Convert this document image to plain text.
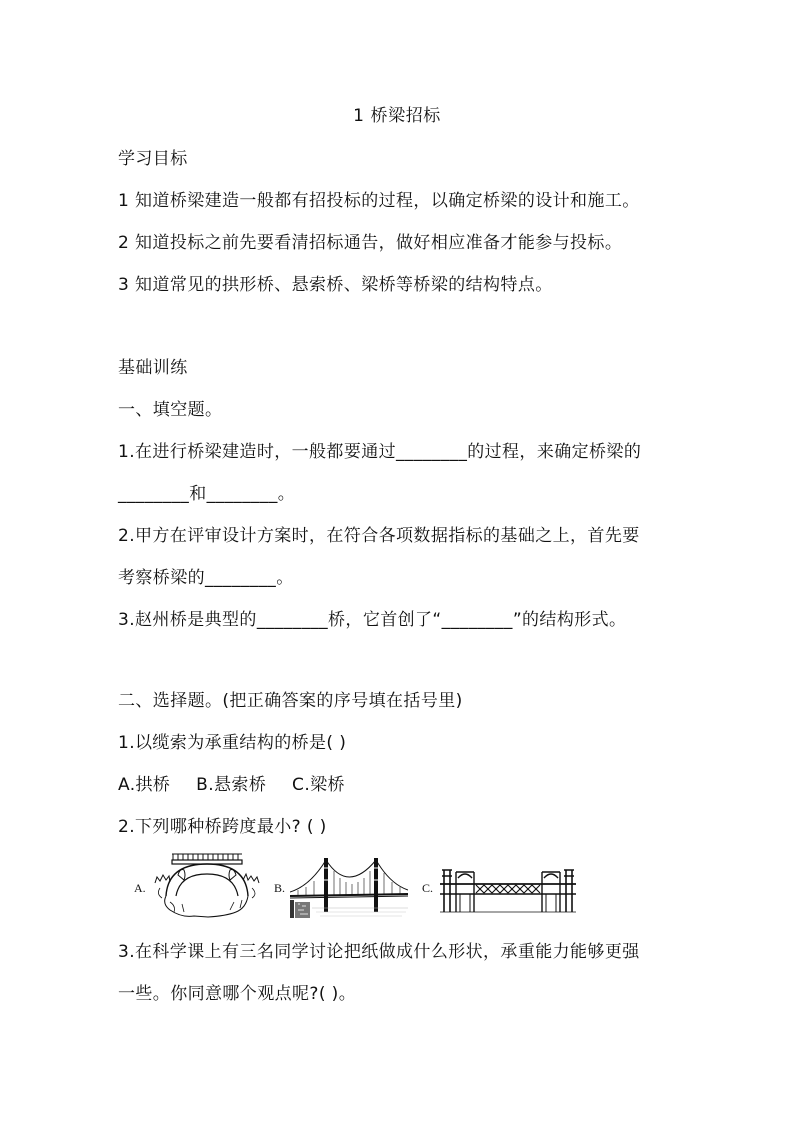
1 桥梁招标
学习目标
1 知道桥梁建造一般都有招投标的过程，以确定桥梁的设计和施工。
2 知道投标之前先要看清招标通告，做好相应准备才能参与投标。
3 知道常见的拱形桥、悬索桥、梁桥等桥梁的结构特点。
基础训练
一、填空题。
1.在进行桥梁建造时，一般都要通过________的过程，来确定桥梁的
________和________。
2.甲方在评审设计方案时，在符合各项数据指标的基础之上，首先要
考察桥梁的________。
3.赵州桥是典型的________桥，它首创了“________”的结构形式。
二、选择题。(把正确答案的序号填在括号里)
1.以缆索为承重结构的桥是( )
A.拱桥 B.悬索桥 C.梁桥
2.下列哪种桥跨度最小? ( )
A.	B.	C.
3.在科学课上有三名同学讨论把纸做成什么形状，承重能力能够更强
一些。你同意哪个观点呢?( )。
